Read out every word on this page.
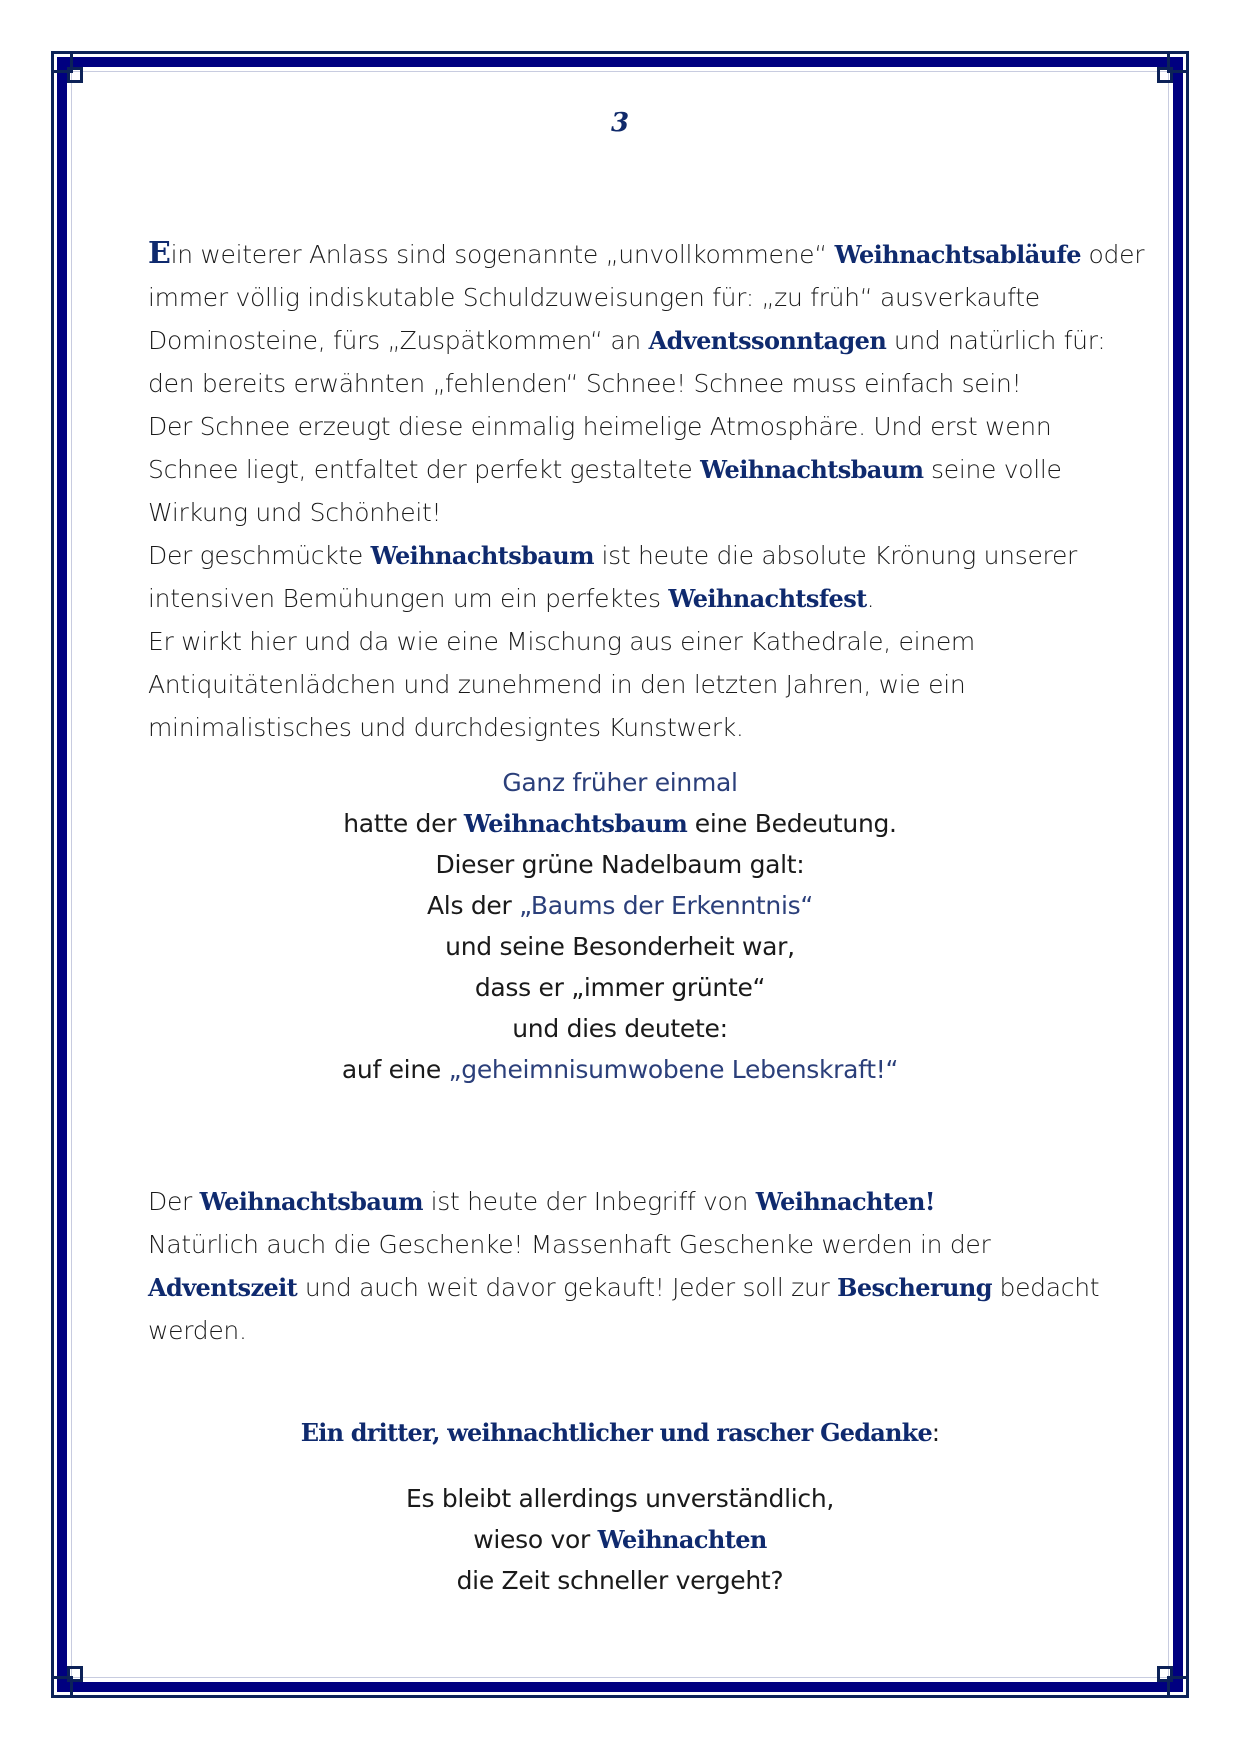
3
Ein weiterer Anlass sind sogenannte „unvollkommene“ Weihnachtsabläufe oder
immer völlig indiskutable Schuldzuweisungen für: „zu früh“ ausverkaufte
Dominosteine, fürs „Zuspätkommen“ an Adventssonntagen und natürlich für:
den bereits erwähnten „fehlenden“ Schnee! Schnee muss einfach sein!
Der Schnee erzeugt diese einmalig heimelige Atmosphäre. Und erst wenn
Schnee liegt, entfaltet der perfekt gestaltete Weihnachtsbaum seine volle
Wirkung und Schönheit!
Der geschmückte Weihnachtsbaum ist heute die absolute Krönung unserer
intensiven Bemühungen um ein perfektes Weihnachtsfest.
Er wirkt hier und da wie eine Mischung aus einer Kathedrale, einem
Antiquitätenlädchen und zunehmend in den letzten Jahren, wie ein
minimalistisches und durchdesigntes Kunstwerk.
Ganz früher einmal
hatte der Weihnachtsbaum eine Bedeutung.
Dieser grüne Nadelbaum galt:
Als der „Baums der Erkenntnis“
und seine Besonderheit war,
dass er „immer grünte“
und dies deutete:
auf eine „geheimnisumwobene Lebenskraft!“
Der Weihnachtsbaum ist heute der Inbegriff von Weihnachten!
Natürlich auch die Geschenke! Massenhaft Geschenke werden in der
Adventszeit und auch weit davor gekauft! Jeder soll zur Bescherung bedacht
werden.
Ein dritter, weihnachtlicher und rascher Gedanke:
Es bleibt allerdings unverständlich,
wieso vor Weihnachten
die Zeit schneller vergeht?
